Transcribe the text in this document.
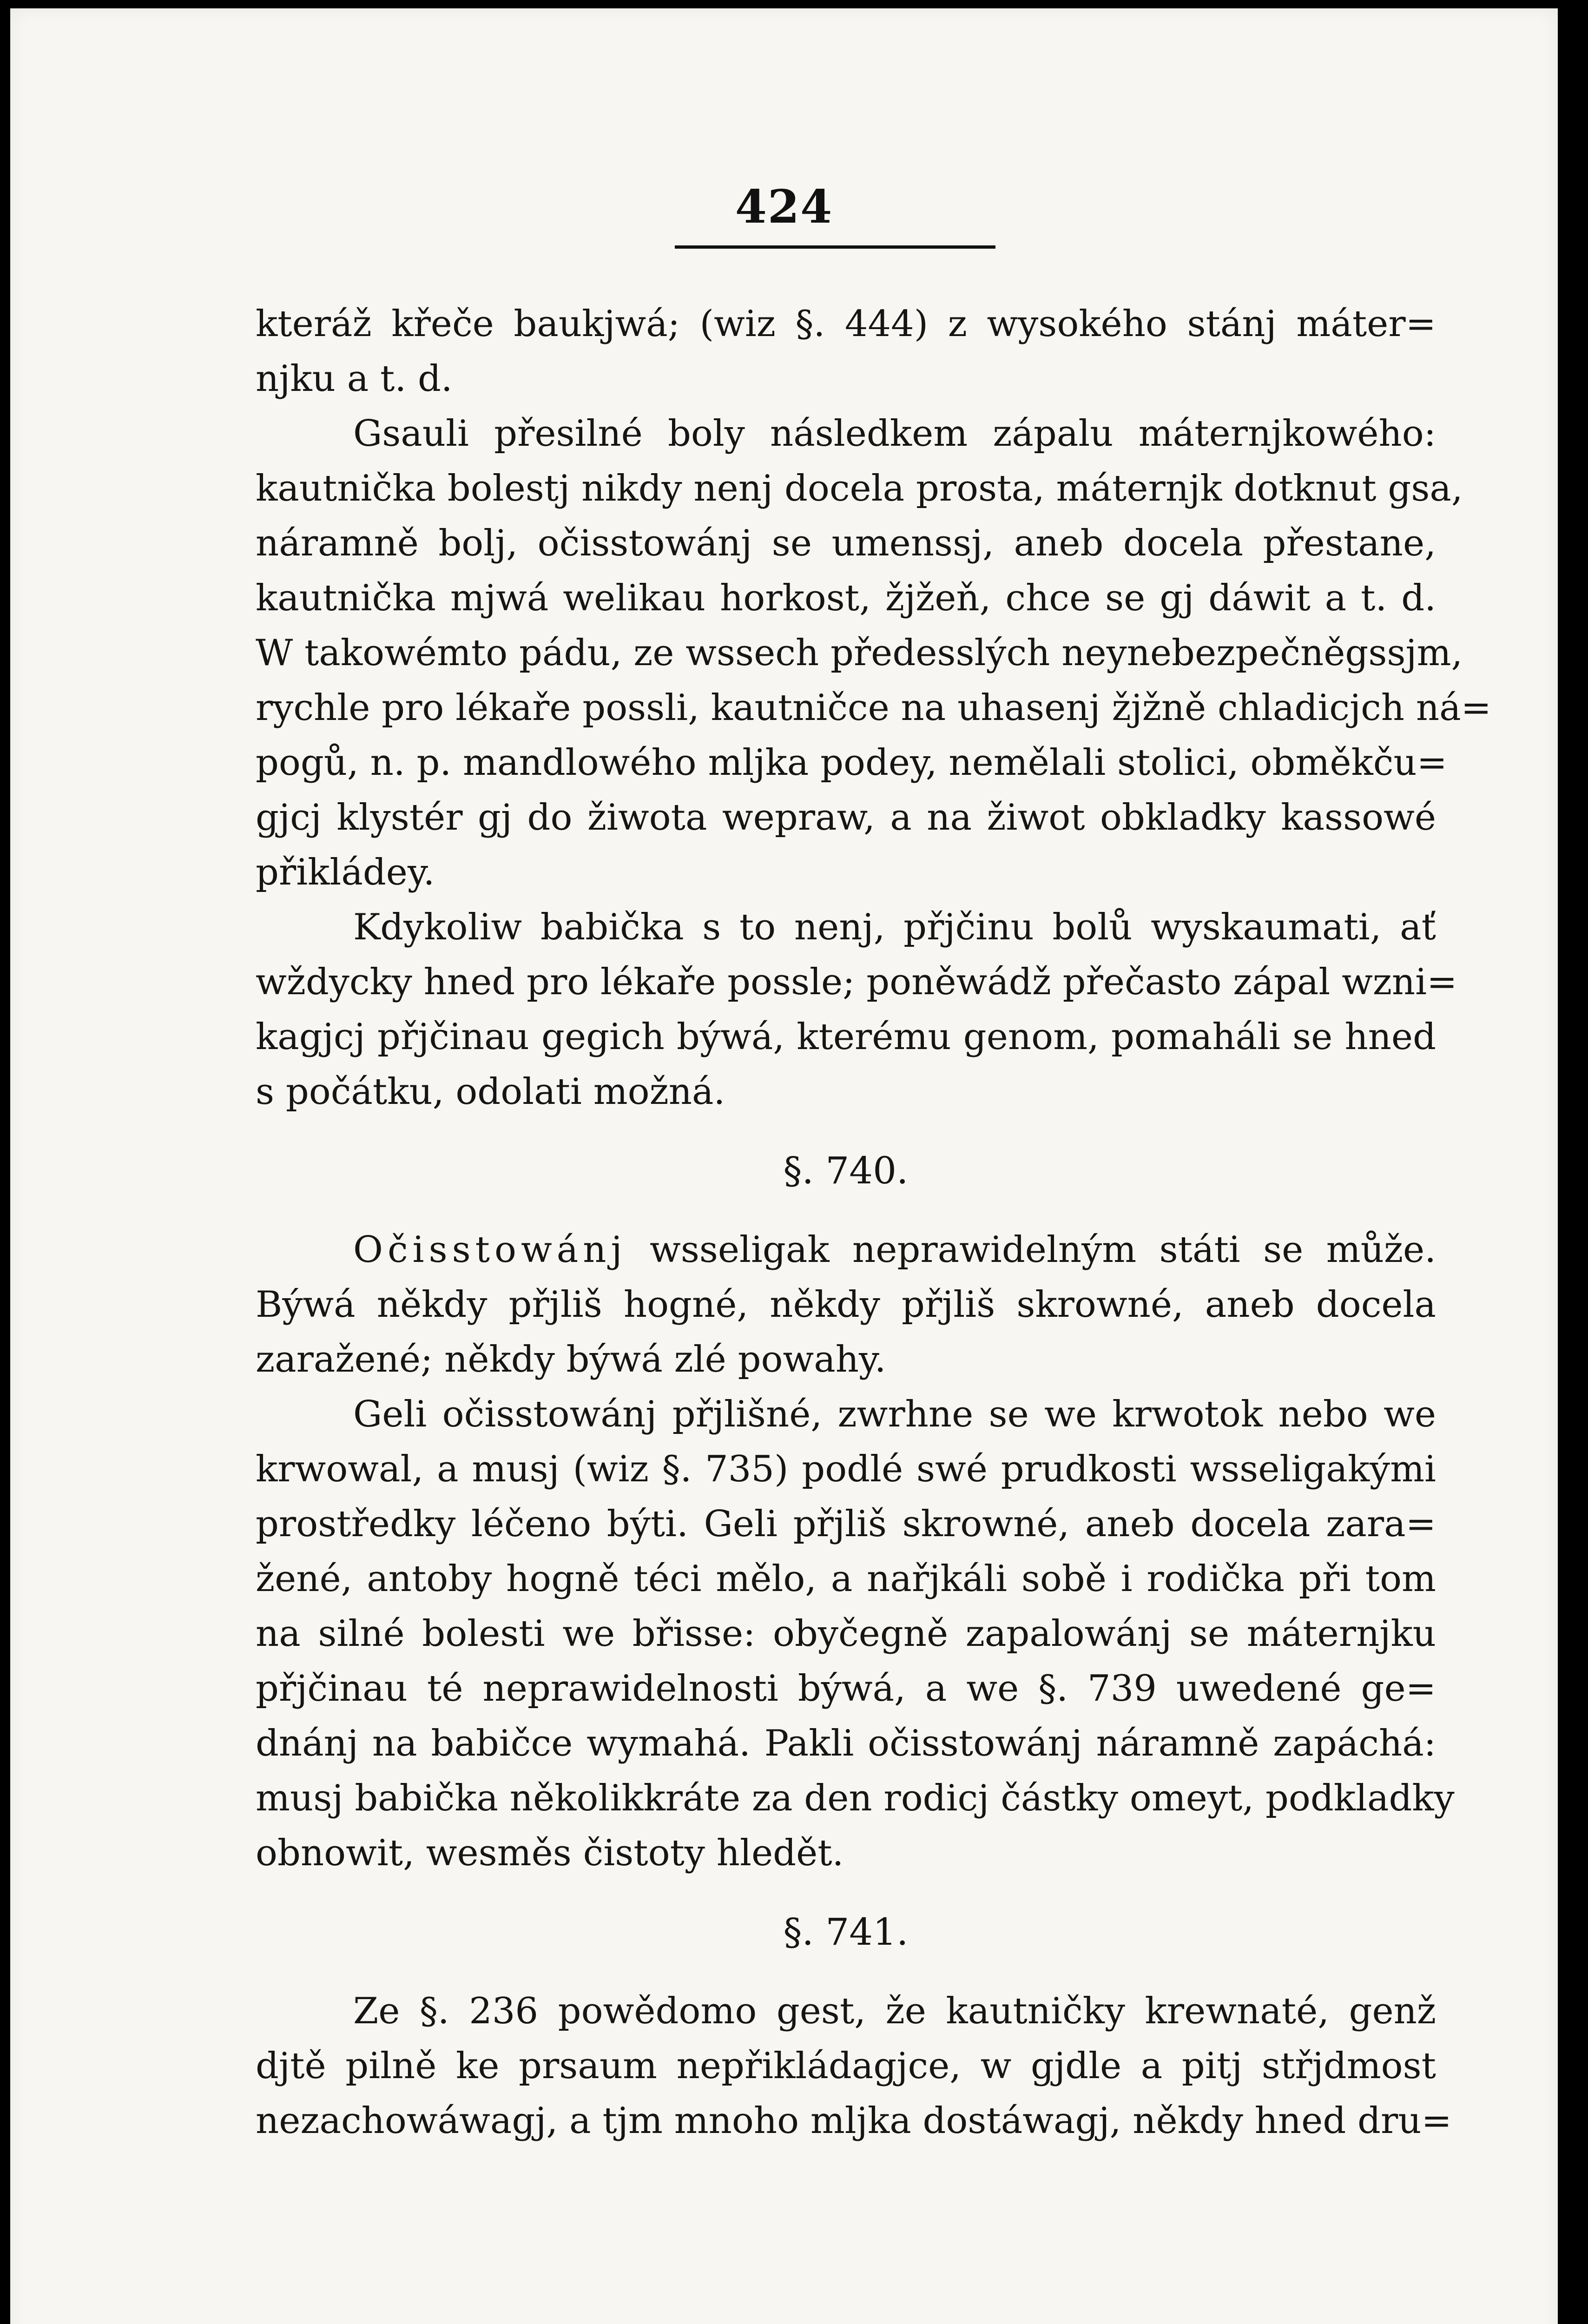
424
kteráž křeče baukjwá; (wiz §. 444) z wysokého stánj máter=
njku a t. d.
Gsauli přesilné boly následkem zápalu máternjkowého:
kautnička bolestj nikdy nenj docela prosta, máternjk dotknut gsa,
náramně bolj, očisstowánj se umenssj, aneb docela přestane,
kautnička mjwá welikau horkost, žjžeň, chce se gj dáwit a t. d.
W takowémto pádu, ze wssech předesslých neynebezpečněgssjm,
rychle pro lékaře possli, kautničce na uhasenj žjžně chladicjch ná=
pogů, n. p. mandlowého mljka podey, nemělali stolici, obměkču=
gjcj klystér gj do žiwota wepraw, a na žiwot obkladky kassowé
přikládey.
Kdykoliw babička s to nenj, přjčinu bolů wyskaumati, ať
wždycky hned pro lékaře possle; poněwádž přečasto zápal wzni=
kagjcj přjčinau gegich býwá, kterému genom, pomaháli se hned
s počátku, odolati možná.
§. 740.
Očisstowánj wsseligak neprawidelným státi se může.
Býwá někdy přjliš hogné, někdy přjliš skrowné, aneb docela
zaražené; někdy býwá zlé powahy.
Geli očisstowánj přjlišné, zwrhne se we krwotok nebo we
krwowal, a musj (wiz §. 735) podlé swé prudkosti wsseligakými
prostředky léčeno býti. Geli přjliš skrowné, aneb docela zara=
žené, antoby hogně téci mělo, a nařjkáli sobě i rodička při tom
na silné bolesti we břisse: obyčegně zapalowánj se máternjku
přjčinau té neprawidelnosti býwá, a we §. 739 uwedené ge=
dnánj na babičce wymahá. Pakli očisstowánj náramně zapáchá:
musj babička několikkráte za den rodicj částky omeyt, podkladky
obnowit, wesměs čistoty hledět.
§. 741.
Ze §. 236 powědomo gest, že kautničky krewnaté, genž
djtě pilně ke prsaum nepřikládagjce, w gjdle a pitj střjdmost
nezachowáwagj, a tjm mnoho mljka dostáwagj, někdy hned dru=
